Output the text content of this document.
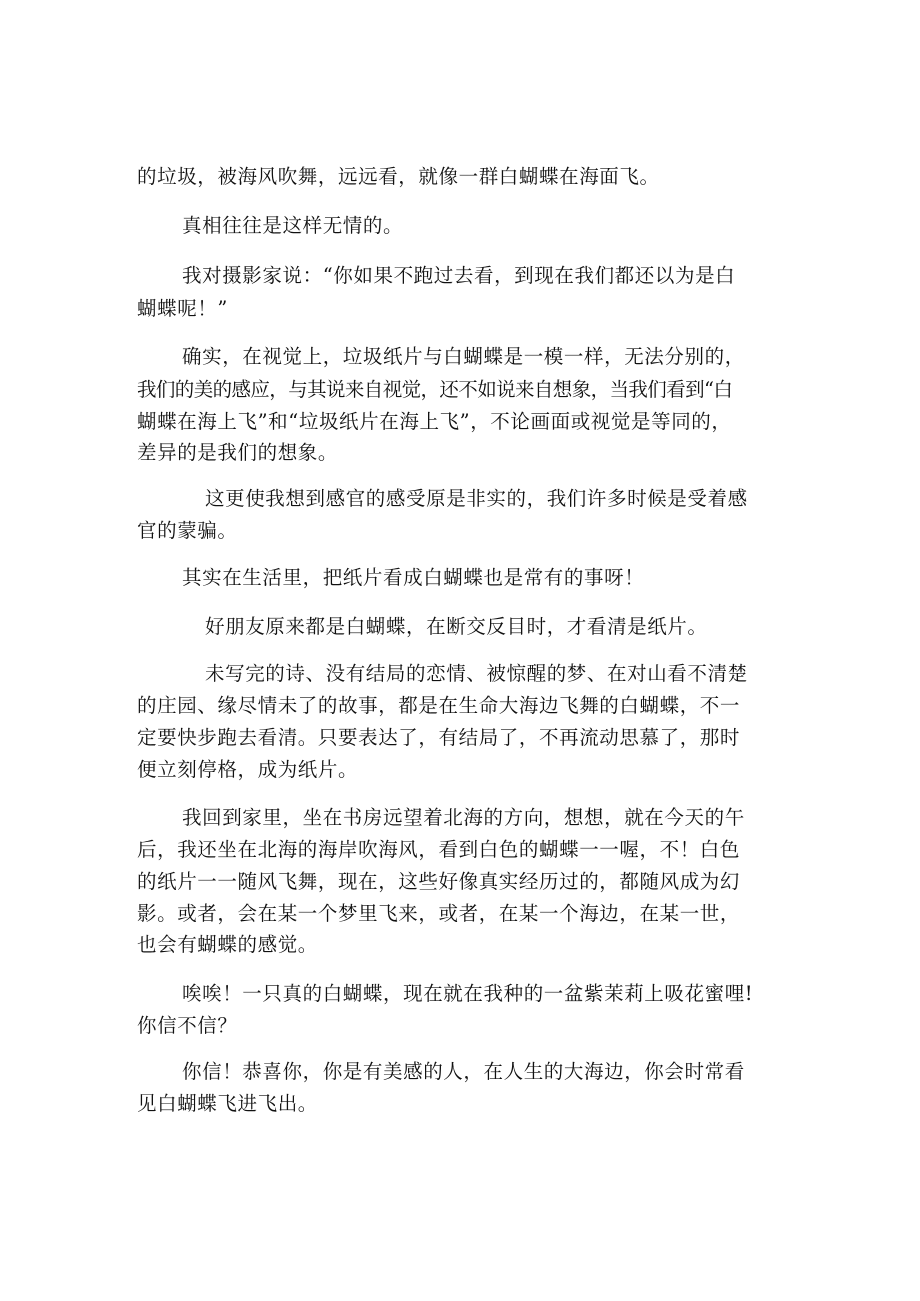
的垃圾，被海风吹舞，远远看，就像一群白蝴蝶在海面飞。
真相往往是这样无情的。
我对摄影家说：“你如果不跑过去看，到现在我们都还以为是白
蝴蝶呢！”
确实，在视觉上，垃圾纸片与白蝴蝶是一模一样，无法分别的，
我们的美的感应，与其说来自视觉，还不如说来自想象，当我们看到“白
蝴蝶在海上飞”和“垃圾纸片在海上飞”，不论画面或视觉是等同的，
差异的是我们的想象。
这更使我想到感官的感受原是非实的，我们许多时候是受着感
官的蒙骗。
其实在生活里，把纸片看成白蝴蝶也是常有的事呀！
好朋友原来都是白蝴蝶，在断交反目时，才看清是纸片。
未写完的诗、没有结局的恋情、被惊醒的梦、在对山看不清楚
的庄园、缘尽情未了的故事，都是在生命大海边飞舞的白蝴蝶，不一
定要快步跑去看清。只要表达了，有结局了，不再流动思慕了，那时
便立刻停格，成为纸片。
我回到家里，坐在书房远望着北海的方向，想想，就在今天的午
后，我还坐在北海的海岸吹海风，看到白色的蝴蝶一一喔，不！白色
的纸片一一随风飞舞，现在，这些好像真实经历过的，都随风成为幻
影。或者，会在某一个梦里飞来，或者，在某一个海边，在某一世，
也会有蝴蝶的感觉。
唉唉！一只真的白蝴蝶，现在就在我种的一盆紫茉莉上吸花蜜哩!
你信不信？
你信！恭喜你，你是有美感的人，在人生的大海边，你会时常看
见白蝴蝶飞进飞出。
